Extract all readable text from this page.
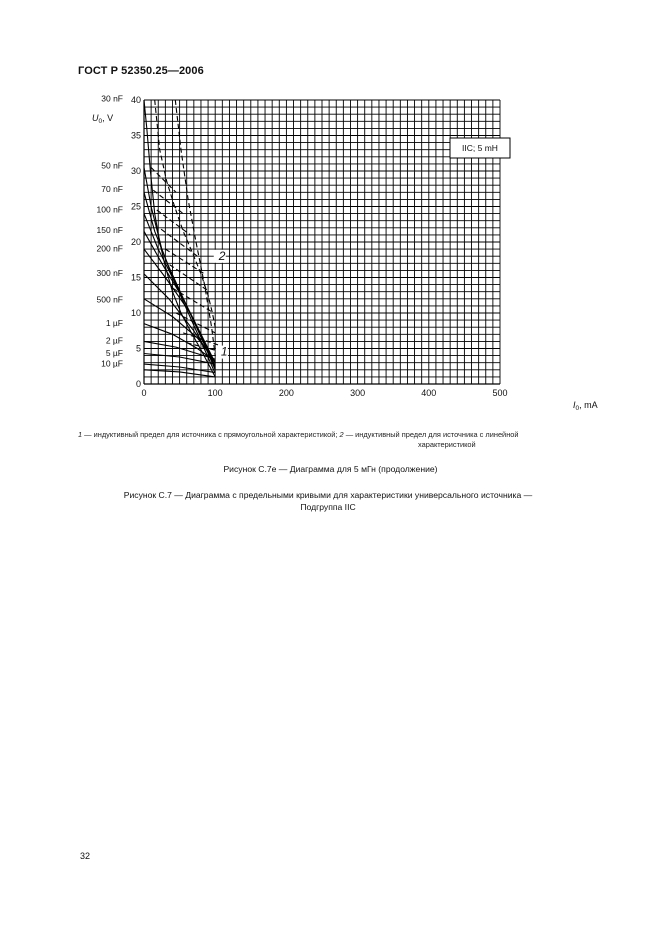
ГОСТ Р 52350.25—2006
0	100	200	300	400	500
0
5
10
15
20
25
30
35
40
30 nF
50 nF
70 nF
100 nF
150 nF
200 nF
300 nF
500 nF
1 µF
2 µF
5 µF
10 µF
$U_0$, V
$I_0$, mA
IIC; 5 mH
1
2
1 — индуктивный предел для источника с прямоугольной характеристикой; 2 — индуктивный предел для источника с линейной
характеристикой
Рисунок С.7е — Диаграмма для 5 мГн (продолжение)
Рисунок С.7 — Диаграмма с предельными кривыми для характеристики универсального источника —
Подгруппа IIC
32
